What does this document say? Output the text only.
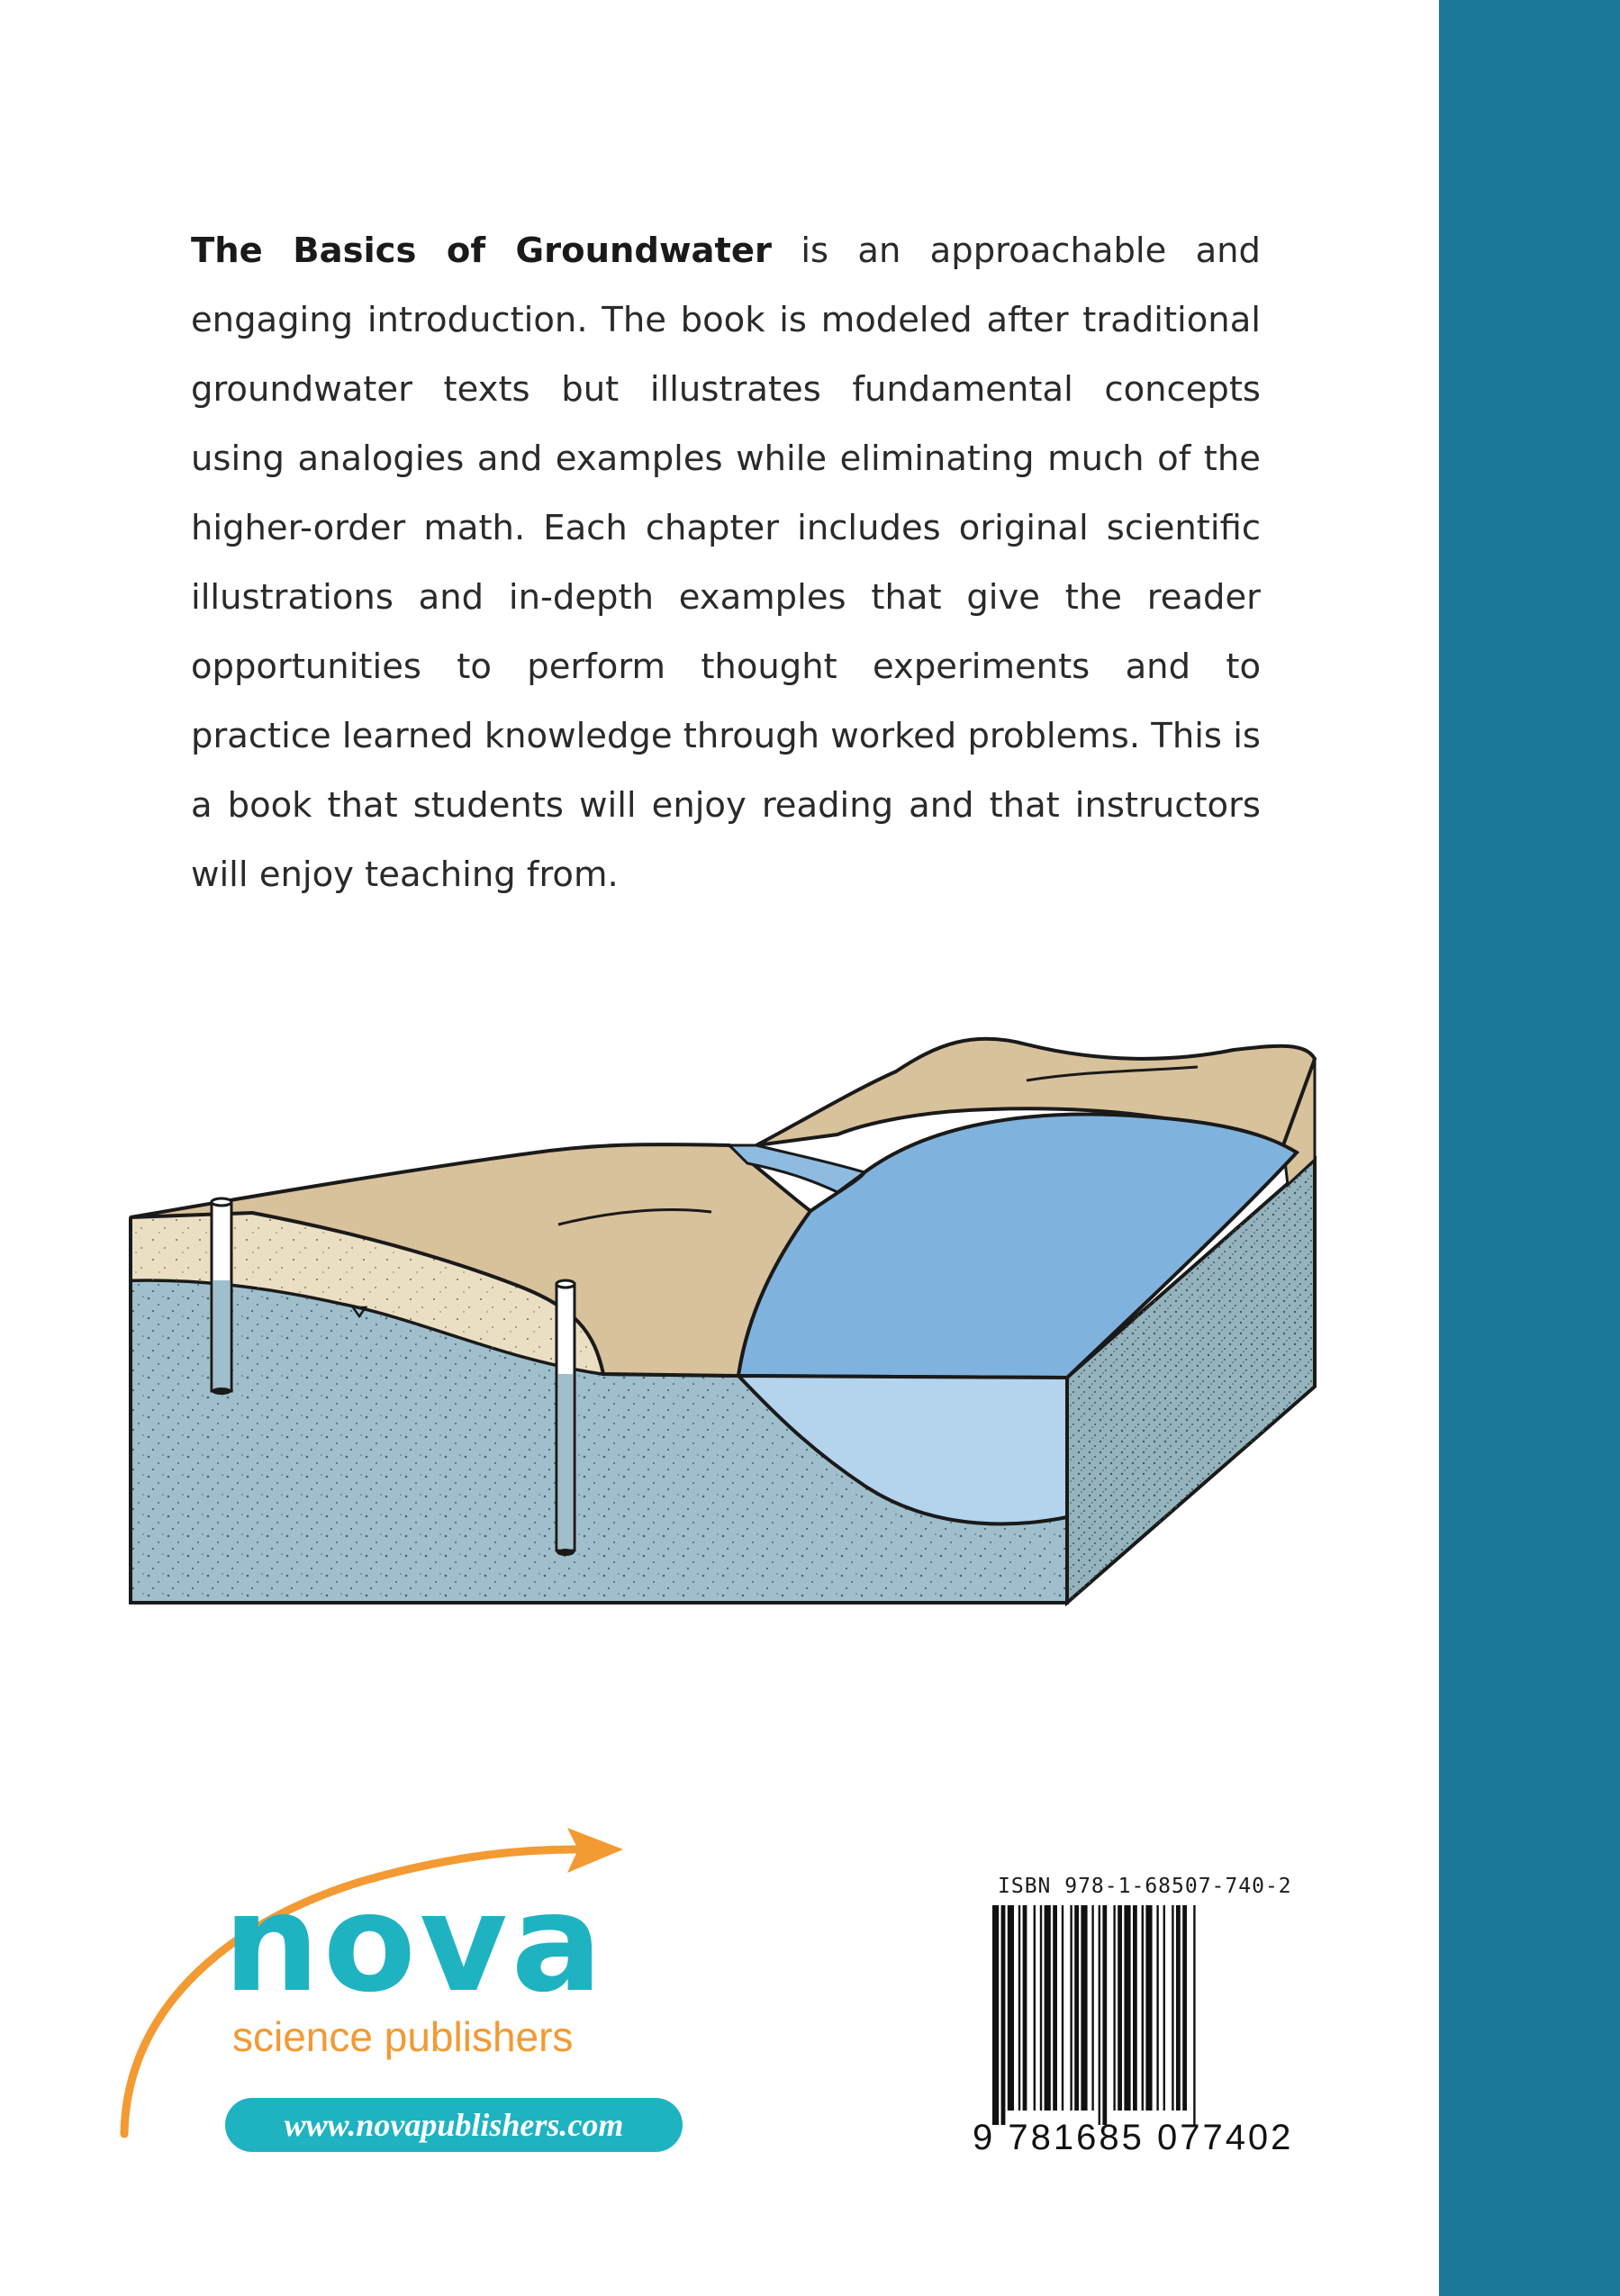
The Basics of Groundwater is an approachable and engaging introduction. The book is modeled after traditional groundwater texts but illustrates fundamental concepts using analogies and examples while eliminating much of the higher-order math. Each chapter includes original scientific illustrations and in-depth examples that give the reader opportunities to perform thought experiments and to practice learned knowledge through worked problems. This is a book that students will enjoy reading and that instructors will enjoy teaching from.

nova
science publishers
www.novapublishers.com
ISBN 978-1-68507-740-2
9 781685 077402
